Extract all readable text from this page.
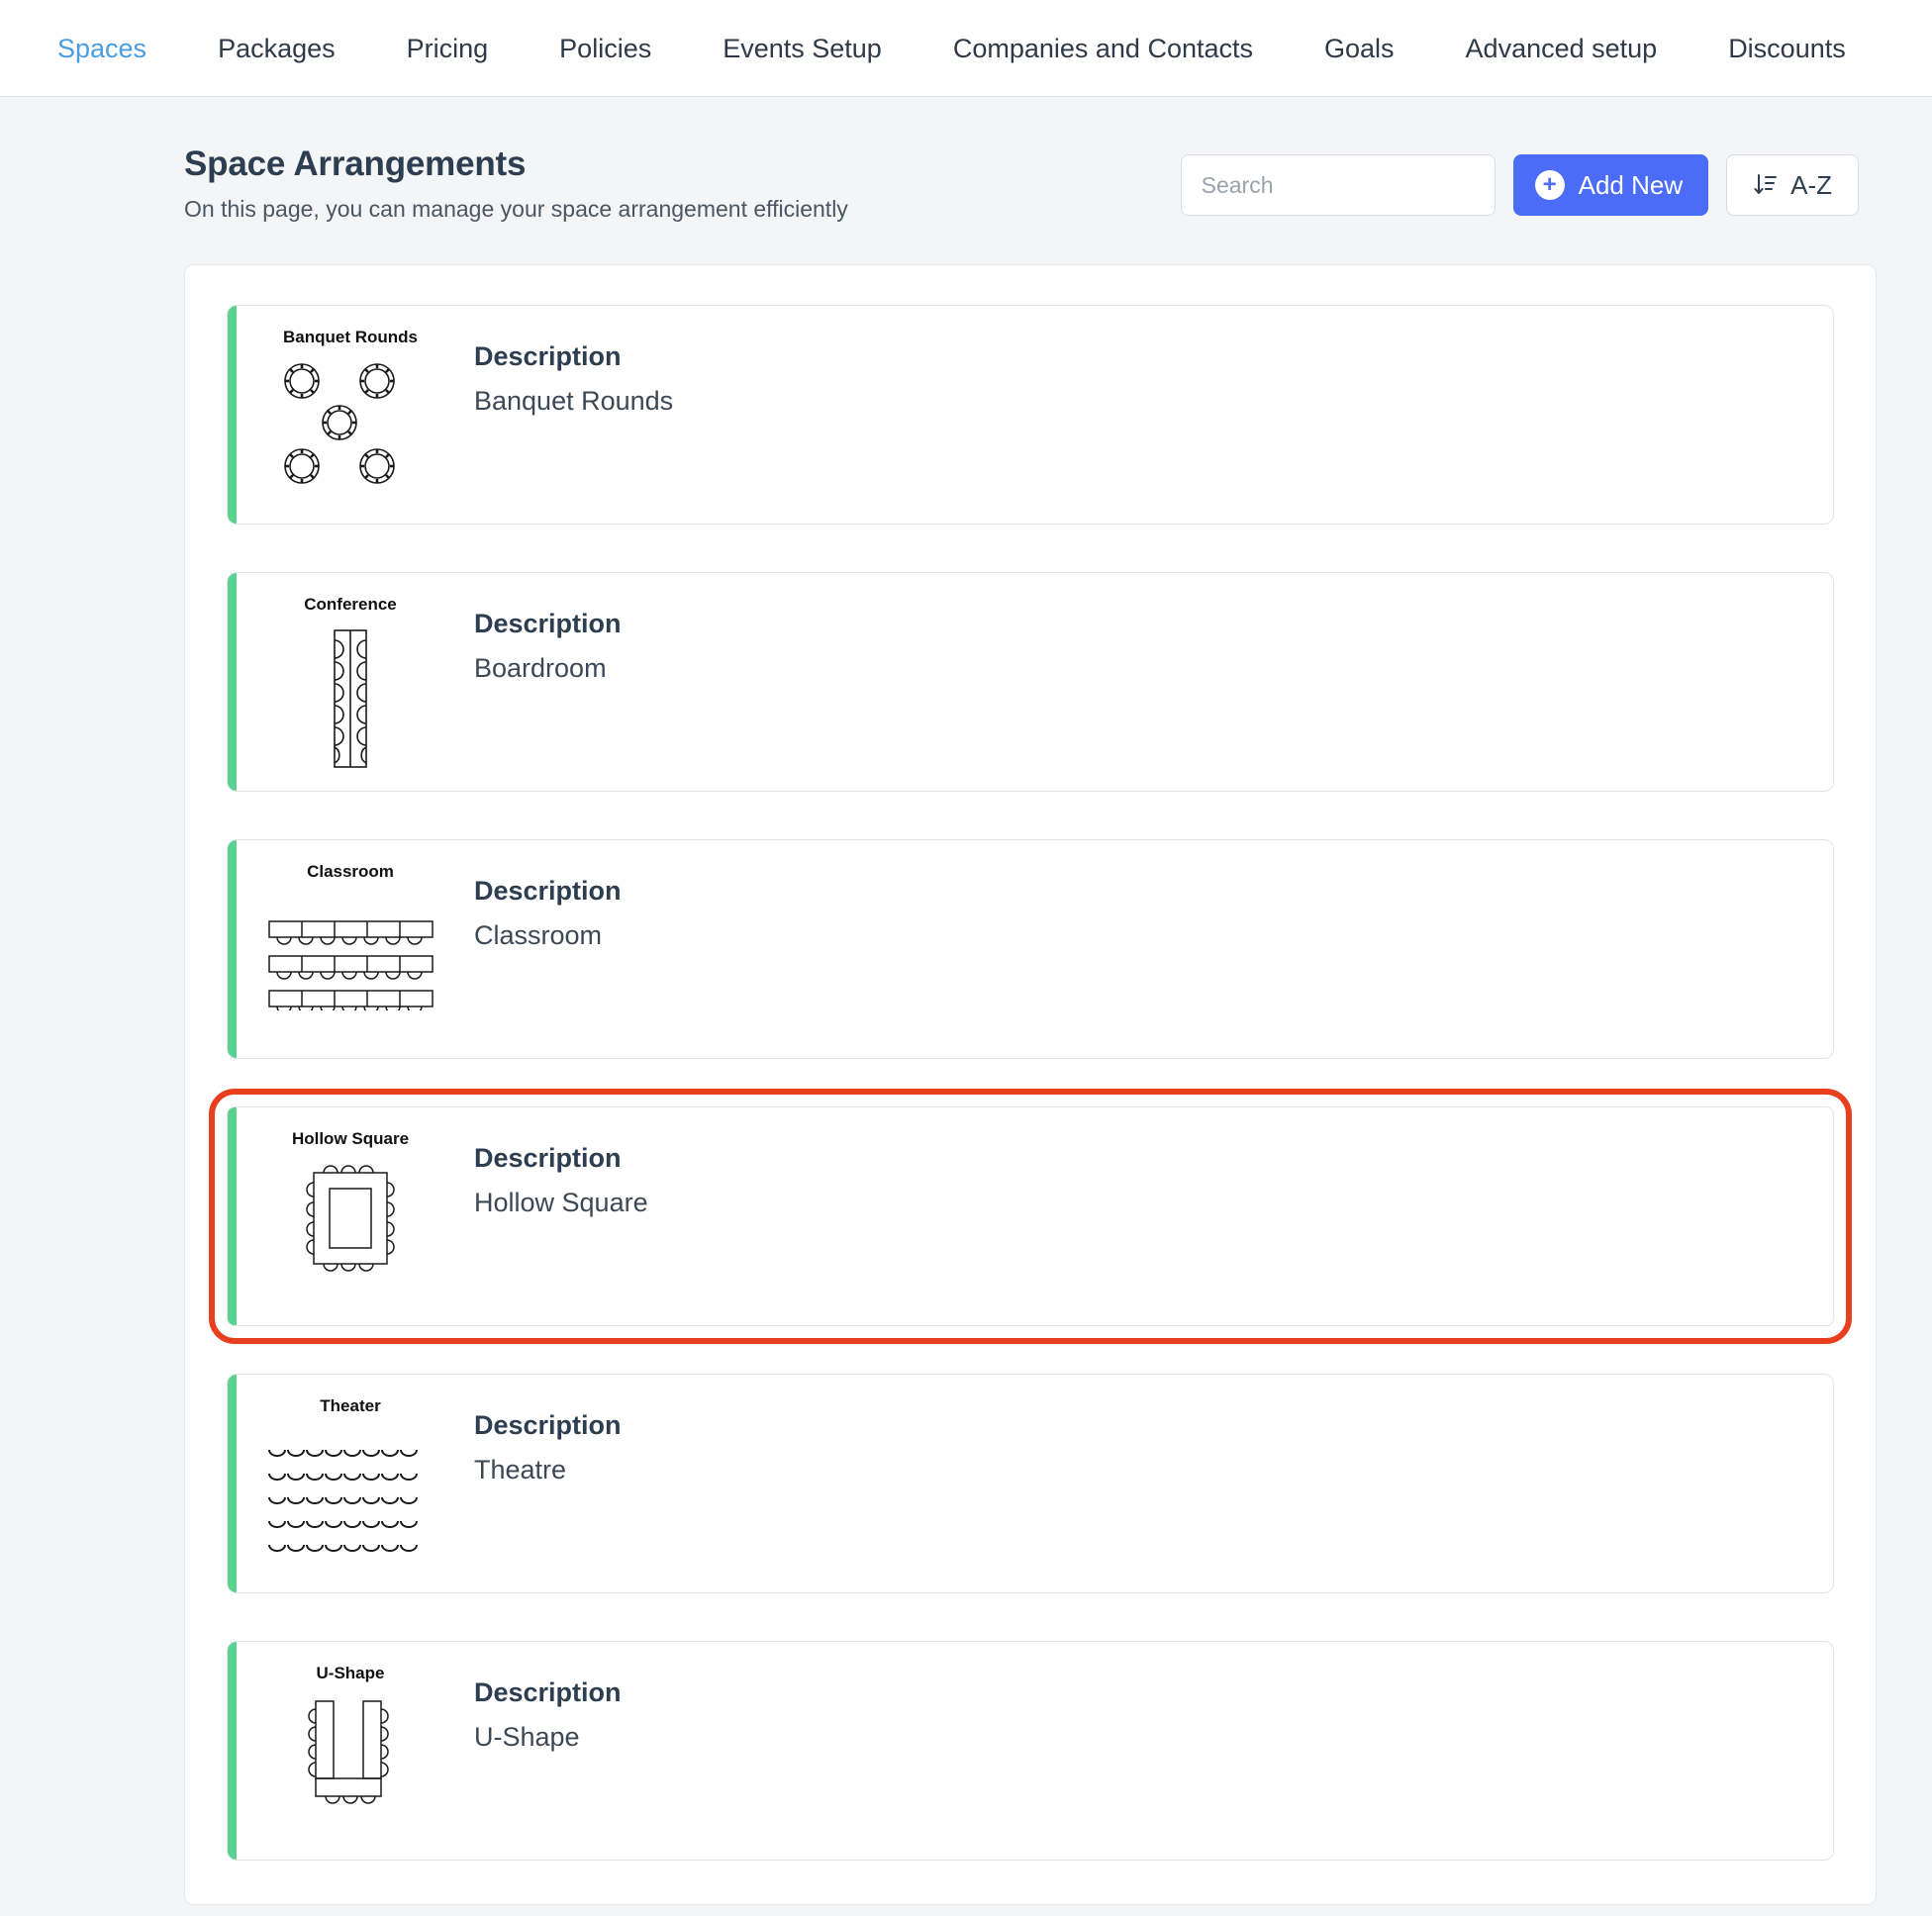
Spaces	Packages	Pricing	Policies	Events Setup	Companies and Contacts	Goals	Advanced setup	Discounts
Space Arrangements

On this page, you can manage your space arrangement efficiently

Search
+ Add New	A-Z
Banquet Rounds

Description

Banquet Rounds

Conference

Description

Boardroom

Classroom

Description

Classroom

Hollow Square

Description

Hollow Square

Theater

Description

Theatre

U-Shape

Description

U-Shape
